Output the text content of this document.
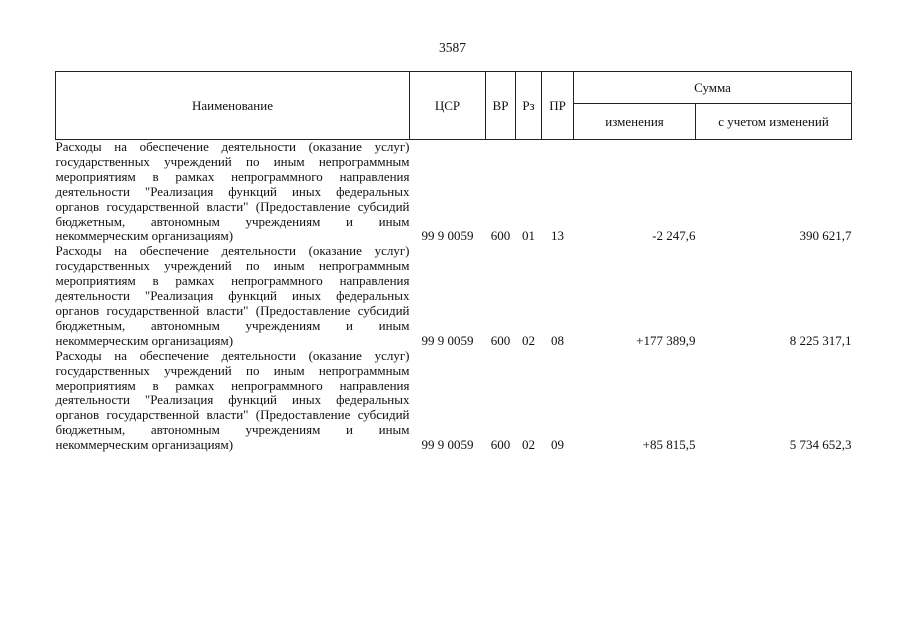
3587
Наименование	ЦСР	ВР	Рз	ПР	Сумма	
					изменения	с учетом изменений
Расходы на обеспечение деятельности (оказание услуг) государственных учреждений по иным непрограммным мероприятиям в рамках непрограммного направления деятельности "Реализация функций иных федеральных органов государственной власти" (Предоставление субсидий бюджетным, автономным учреждениям и иным некоммерческим организациям)	99 9 0059	600	01	13	-2 247,6	390 621,7
Расходы на обеспечение деятельности (оказание услуг) государственных учреждений по иным непрограммным мероприятиям в рамках непрограммного направления деятельности "Реализация функций иных федеральных органов государственной власти" (Предоставление субсидий бюджетным, автономным учреждениям и иным некоммерческим организациям)	99 9 0059	600	02	08	+177 389,9	8 225 317,1
Расходы на обеспечение деятельности (оказание услуг) государственных учреждений по иным непрограммным мероприятиям в рамках непрограммного направления деятельности "Реализация функций иных федеральных органов государственной власти" (Предоставление субсидий бюджетным, автономным учреждениям и иным некоммерческим организациям)	99 9 0059	600	02	09	+85 815,5	5 734 652,3
